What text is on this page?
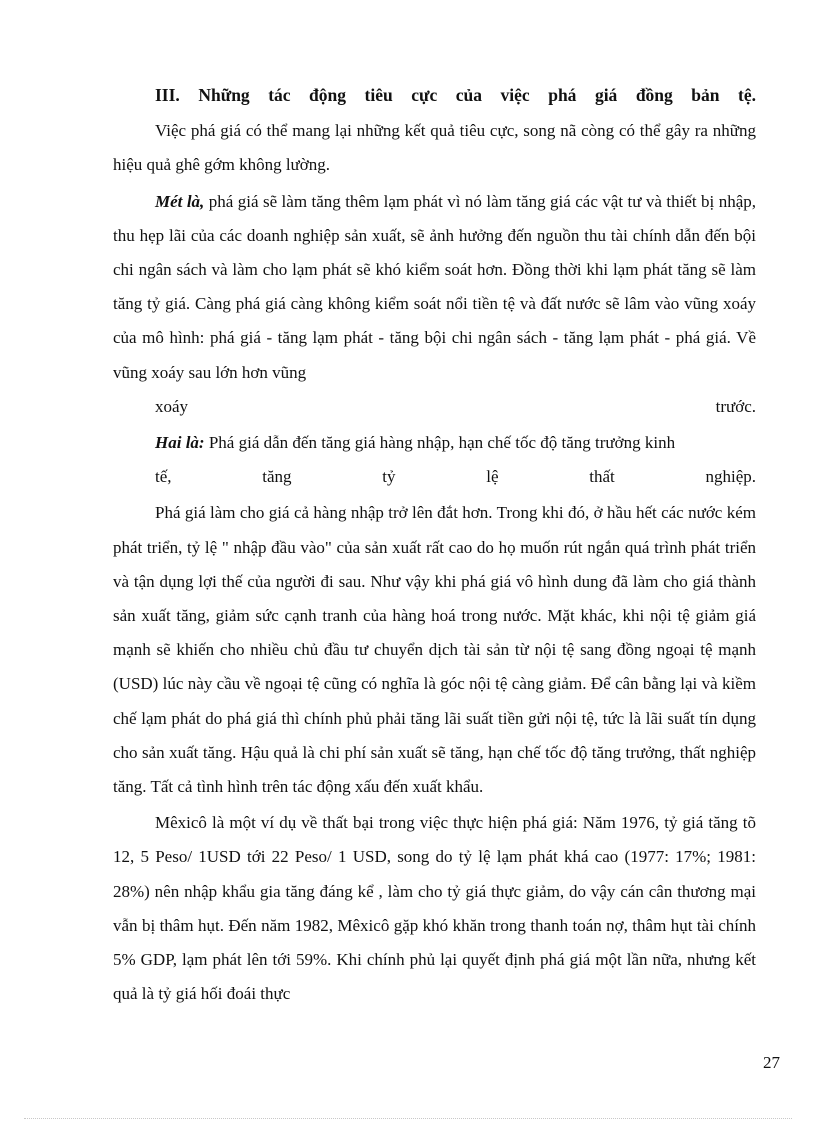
III. Những tác động tiêu cực của việc phá giá đồng bản tệ.

Việc phá giá có thể mang lại những kết quả tiêu cực, song nã còng có thể gây ra những hiệu quả ghê gớm không lường.

Mét là, phá giá sẽ làm tăng thêm lạm phát vì nó làm tăng giá các vật tư và thiết bị nhập, thu hẹp lãi của các doanh nghiệp sản xuất, sẽ ảnh hưởng đến nguồn thu tài chính dẫn đến bội chi ngân sách và làm cho lạm phát sẽ khó kiểm soát hơn. Đồng thời khi lạm phát tăng sẽ làm tăng tỷ giá. Càng phá giá càng không kiểm soát nổi tiền tệ và đất nước sẽ lâm vào vũng xoáy của mô hình: phá giá - tăng lạm phát - tăng bội chi ngân sách - tăng lạm phát - phá giá. Về vũng xoáy sau lớn hơn vũng
xoáy trước.

Hai là: Phá giá dẫn đến tăng giá hàng nhập, hạn chế tốc độ tăng trưởng kinh
tế, tăng tỷ lệ thất nghiệp.

Phá giá làm cho giá cả hàng nhập trở lên đắt hơn. Trong khi đó, ở hầu hết các nước kém phát triển, tỷ lệ " nhập đầu vào" của sản xuất rất cao do họ muốn rút ngắn quá trình phát triển và tận dụng lợi thế của người đi sau. Như vậy khi phá giá vô hình dung đã làm cho giá thành sản xuất tăng, giảm sức cạnh tranh của hàng hoá trong nước. Mặt khác, khi nội tệ giảm giá mạnh sẽ khiến cho nhiều chủ đầu tư chuyển dịch tài sản từ nội tệ sang đồng ngoại tệ mạnh (USD) lúc này cầu về ngoại tệ cũng có nghĩa là góc nội tệ càng giảm. Để cân bằng lại và kiềm chế lạm phát do phá giá thì chính phủ phải tăng lãi suất tiền gửi nội tệ, tức là lãi suất tín dụng cho sản xuất tăng. Hậu quả là chi phí sản xuất sẽ tăng, hạn chế tốc độ tăng trưởng, thất nghiệp tăng. Tất cả tình hình trên tác động xấu đến xuất khẩu.

Mêxicô là một ví dụ về thất bại trong việc thực hiện phá giá: Năm 1976, tỷ giá tăng tõ 12, 5 Peso/ 1USD tới 22 Peso/ 1 USD, song do tỷ lệ lạm phát khá cao (1977: 17%; 1981: 28%) nên nhập khẩu gia tăng đáng kể , làm cho tỷ giá thực giảm, do vậy cán cân thương mại vẫn bị thâm hụt. Đến năm 1982, Mêxicô gặp khó khăn trong thanh toán nợ, thâm hụt tài chính 5% GDP, lạm phát lên tới 59%. Khi chính phủ lại quyết định phá giá một lần nữa, nhưng kết quả là tỷ giá hối đoái thực

27
